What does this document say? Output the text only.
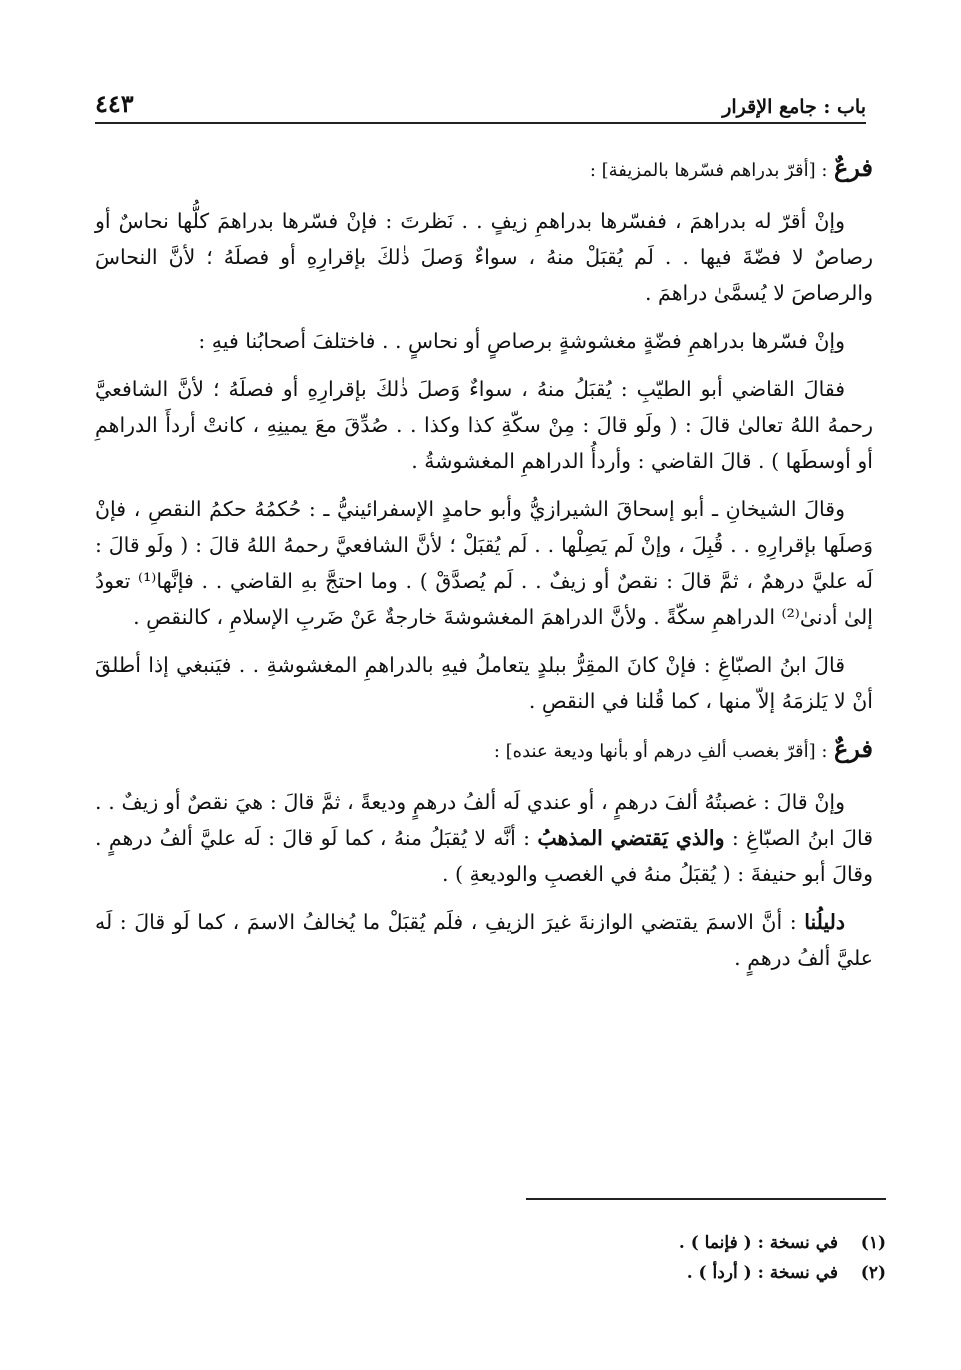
باب : جامع الإقرار
٤٤٣

فرعٌ : [أقرّ بدراهم فسّرها بالمزيفة] :

وإنْ أقرّ له بدراهمَ ، ففسّرها بدراهمِ زيفٍ . . نَظرتَ : فإنْ فسّرها بدراهمَ كلُّها نحاسٌ أو رصاصٌ لا فضّةَ فيها . . لَم يُقبَلْ منهُ ، سواءٌ وَصلَ ذٰلكَ بإقرارِهِ أو فصلَهُ ؛ لأنَّ النحاسَ والرصاصَ لا يُسمَّىٰ دراهمَ .

وإنْ فسّرها بدراهمِ فضّةٍ مغشوشةٍ برصاصٍ أو نحاسٍ . . فاختلفَ أصحابُنا فيهِ :

فقالَ القاضي أبو الطيّبِ : يُقبَلُ منهُ ، سواءٌ وَصلَ ذٰلكَ بإقرارِهِ أو فصلَهُ ؛ لأنَّ الشافعيَّ رحمهُ اللهُ تعالىٰ قالَ : ( ولَو قالَ : مِنْ سكّةِ كذا وكذا . . صُدِّقَ معَ يمينِهِ ، كانتْ أردأَ الدراهمِ أو أوسطَها ) . قالَ القاضي : وأردأُ الدراهمِ المغشوشةُ .

وقالَ الشيخانِ ـ أبو إسحاقَ الشيرازيُّ وأبو حامدٍ الإسفرائينيُّ ـ : حُكمُهُ حكمُ النقصِ ، فإنْ وَصلَها بإقرارِهِ . . قُبِلَ ، وإنْ لَم يَصِلْها . . لَم يُقبَلْ ؛ لأنَّ الشافعيَّ رحمهُ اللهُ قالَ : ( ولَو قالَ : لَه عليَّ درهمٌ ، ثمَّ قالَ : نقصٌ أو زيفٌ . . لَم يُصدَّقْ ) . وما احتجَّ بهِ القاضي . . فإنَّها⁽¹⁾ تعودُ إلىٰ أدنىٰ⁽²⁾ الدراهمِ سكّةً . ولأنَّ الدراهمَ المغشوشةَ خارجةٌ عَنْ ضَربِ الإسلامِ ، كالنقصِ .

قالَ ابنُ الصبّاغِ : فإنْ كانَ المقِرُّ ببلدٍ يتعاملُ فيهِ بالدراهمِ المغشوشةِ . . فيَنبغي إذا أطلقَ أنْ لا يَلزمَهُ إلاّ منها ، كما قُلنا في النقصِ .

فرعٌ : [أقرّ بغصب ألفِ درهم أو بأنها وديعة عنده] :

وإنْ قالَ : غصبتُهُ ألفَ درهمٍ ، أو عندي لَه ألفُ درهمٍ وديعةً ، ثمَّ قالَ : هيَ نقصٌ أو زيفٌ . . قالَ ابنُ الصبّاغِ : والذي يَقتضي المذهبُ : أنَّه لا يُقبَلُ منهُ ، كما لَو قالَ : لَه عليَّ ألفُ درهمٍ . وقالَ أبو حنيفةَ : ( يُقبَلُ منهُ في الغصبِ والوديعةِ ) .

دليلُنا : أنَّ الاسمَ يقتضي الوازنةَ غيرَ الزيفِ ، فلَم يُقبَلْ ما يُخالفُ الاسمَ ، كما لَو قالَ : لَه عليَّ ألفُ درهمٍ .

(١)
في نسخة : ( فإنما ) .
(٢)
في نسخة : ( أردأ ) .
